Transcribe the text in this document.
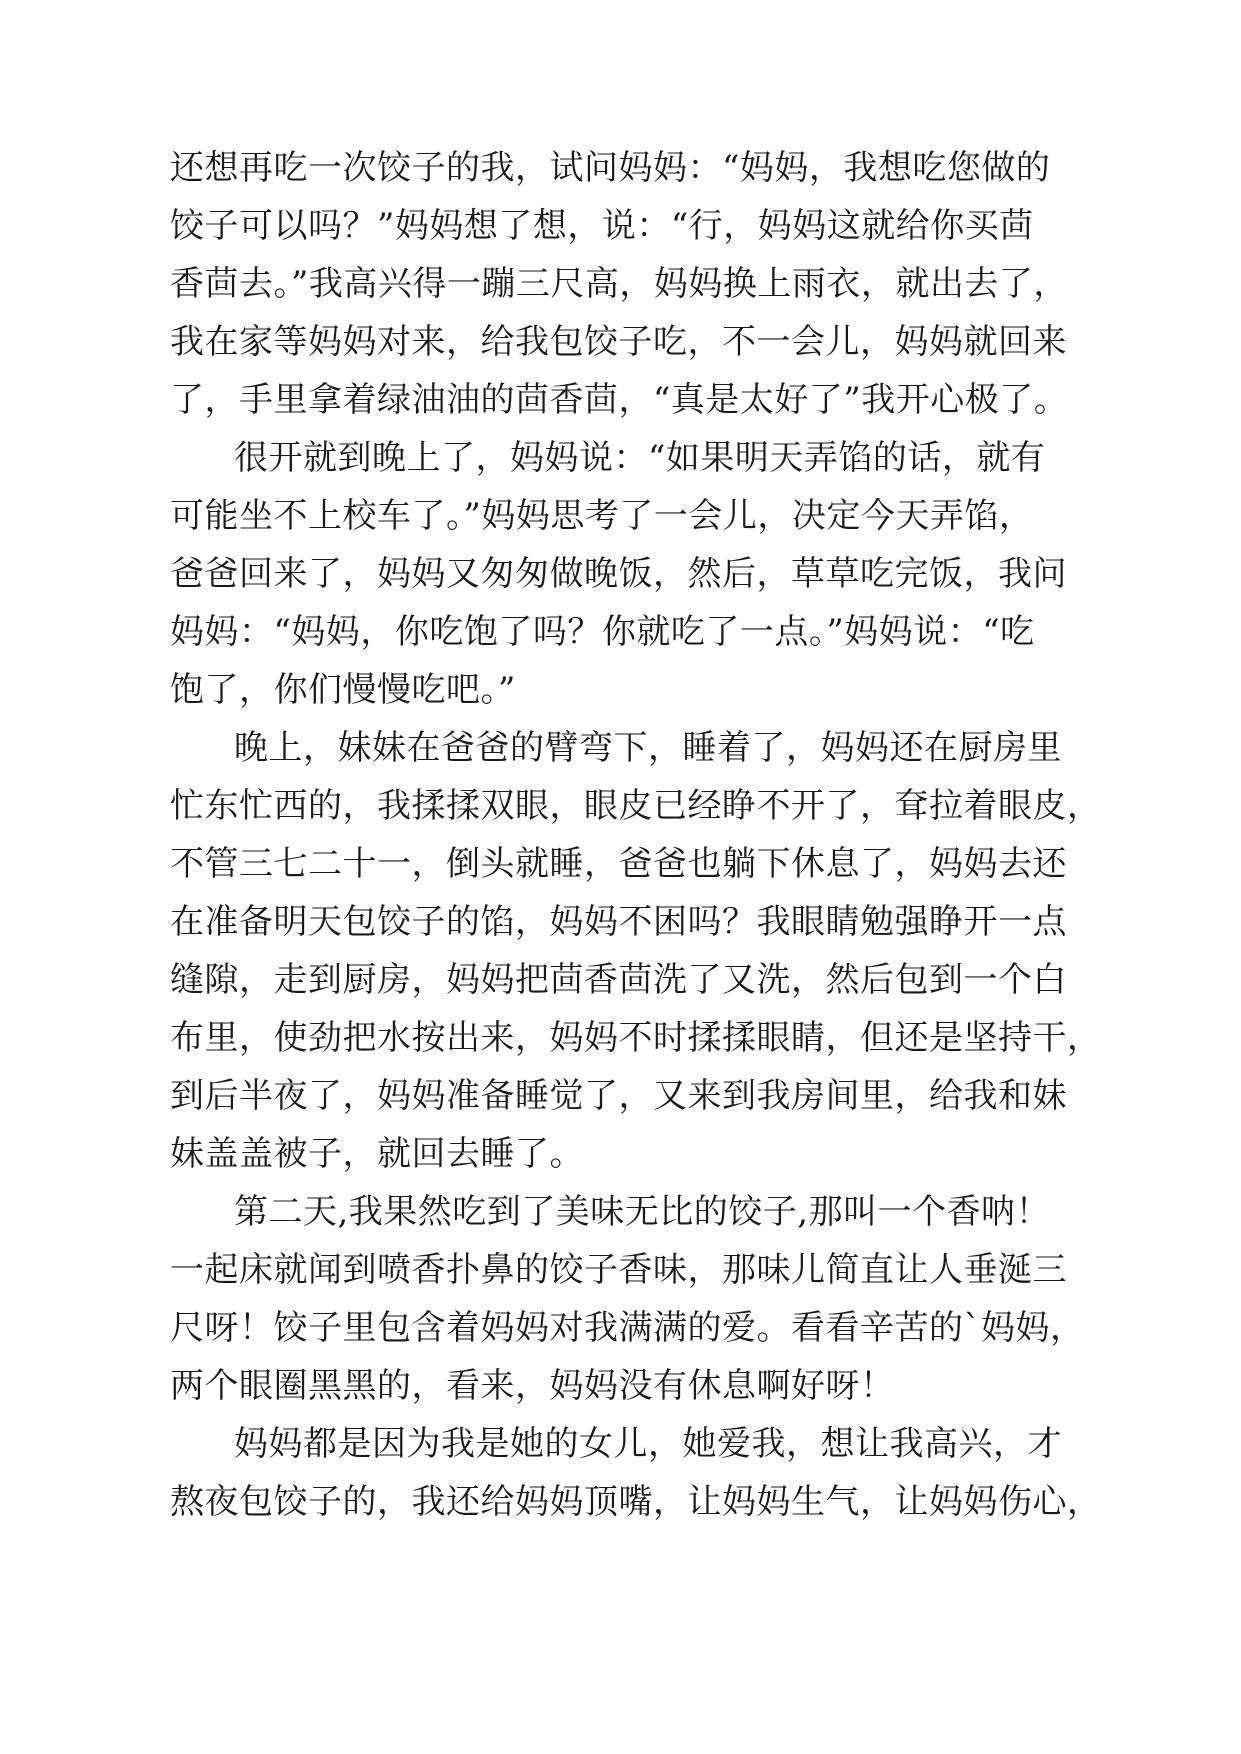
还想再吃一次饺子的我，试问妈妈：“妈妈，我想吃您做的
饺子可以吗？”妈妈想了想，说：“行，妈妈这就给你买茴
香茴去。”我高兴得一蹦三尺高，妈妈换上雨衣，就出去了，
我在家等妈妈对来，给我包饺子吃，不一会儿，妈妈就回来
了，手里拿着绿油油的茴香茴，“真是太好了”我开心极了。
很开就到晚上了，妈妈说：“如果明天弄馅的话，就有
可能坐不上校车了。”妈妈思考了一会儿，决定今天弄馅，
爸爸回来了，妈妈又匆匆做晚饭，然后，草草吃完饭，我问
妈妈：“妈妈，你吃饱了吗？你就吃了一点。”妈妈说：“吃
饱了，你们慢慢吃吧。”
晚上，妹妹在爸爸的臂弯下，睡着了，妈妈还在厨房里
忙东忙西的，我揉揉双眼，眼皮已经睁不开了，耷拉着眼皮，
不管三七二十一，倒头就睡，爸爸也躺下休息了，妈妈去还
在准备明天包饺子的馅，妈妈不困吗？我眼睛勉强睁开一点
缝隙，走到厨房，妈妈把茴香茴洗了又洗，然后包到一个白
布里，使劲把水按出来，妈妈不时揉揉眼睛，但还是坚持干，
到后半夜了，妈妈准备睡觉了，又来到我房间里，给我和妹
妹盖盖被子，就回去睡了。
第二天,我果然吃到了美味无比的饺子,那叫一个香呐！
一起床就闻到喷香扑鼻的饺子香味，那味儿简直让人垂涎三
尺呀！饺子里包含着妈妈对我满满的爱。看看辛苦的`妈妈，
两个眼圈黑黑的，看来，妈妈没有休息啊好呀！
妈妈都是因为我是她的女儿，她爱我，想让我高兴，才
熬夜包饺子的，我还给妈妈顶嘴，让妈妈生气，让妈妈伤心，
